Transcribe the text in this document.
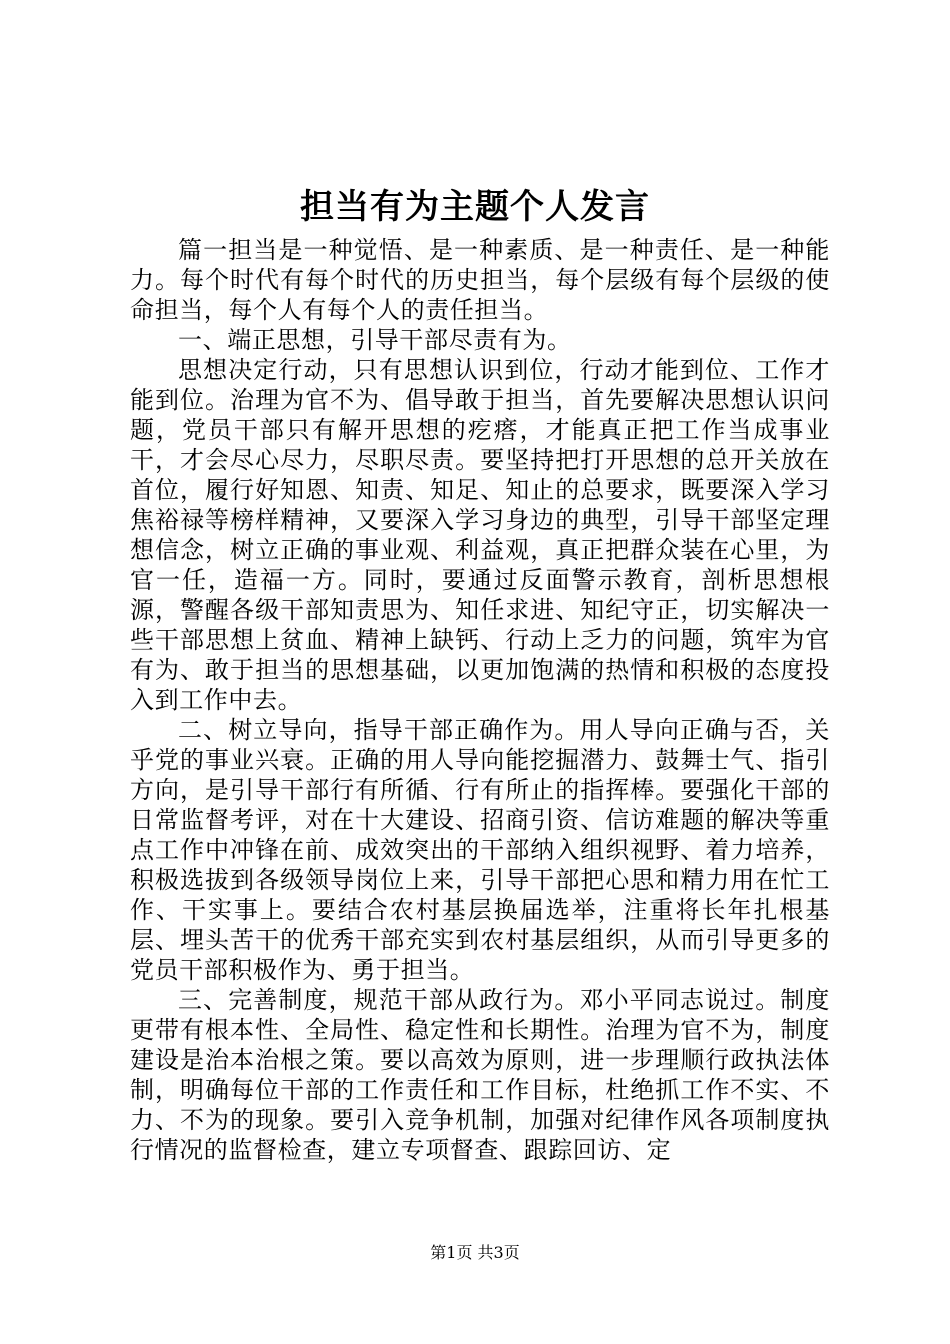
担当有为主题个人发言

篇一担当是一种觉悟、是一种素质、是一种责任、是一种能力。每个时代有每个时代的历史担当，每个层级有每个层级的使命担当，每个人有每个人的责任担当。

一、端正思想，引导干部尽责有为。

思想决定行动，只有思想认识到位，行动才能到位、工作才能到位。治理为官不为、倡导敢于担当，首先要解决思想认识问题，党员干部只有解开思想的疙瘩，才能真正把工作当成事业干，才会尽心尽力，尽职尽责。要坚持把打开思想的总开关放在首位，履行好知恩、知责、知足、知止的总要求，既要深入学习焦裕禄等榜样精神，又要深入学习身边的典型，引导干部坚定理想信念，树立正确的事业观、利益观，真正把群众装在心里，为官一任，造福一方。同时，要通过反面警示教育，剖析思想根源，警醒各级干部知责思为、知任求进、知纪守正，切实解决一些干部思想上贫血、精神上缺钙、行动上乏力的问题，筑牢为官有为、敢于担当的思想基础，以更加饱满的热情和积极的态度投入到工作中去。

二、树立导向，指导干部正确作为。用人导向正确与否，关乎党的事业兴衰。正确的用人导向能挖掘潜力、鼓舞士气、指引方向，是引导干部行有所循、行有所止的指挥棒。要强化干部的日常监督考评，对在十大建设、招商引资、信访难题的解决等重点工作中冲锋在前、成效突出的干部纳入组织视野、着力培养，积极选拔到各级领导岗位上来，引导干部把心思和精力用在忙工作、干实事上。要结合农村基层换届选举，注重将长年扎根基层、埋头苦干的优秀干部充实到农村基层组织，从而引导更多的党员干部积极作为、勇于担当。

三、完善制度，规范干部从政行为。邓小平同志说过。制度更带有根本性、全局性、稳定性和长期性。治理为官不为，制度建设是治本治根之策。要以高效为原则，进一步理顺行政执法体制，明确每位干部的工作责任和工作目标，杜绝抓工作不实、不力、不为的现象。要引入竞争机制，加强对纪律作风各项制度执行情况的监督检查，建立专项督查、跟踪回访、定

第1页 共3页
